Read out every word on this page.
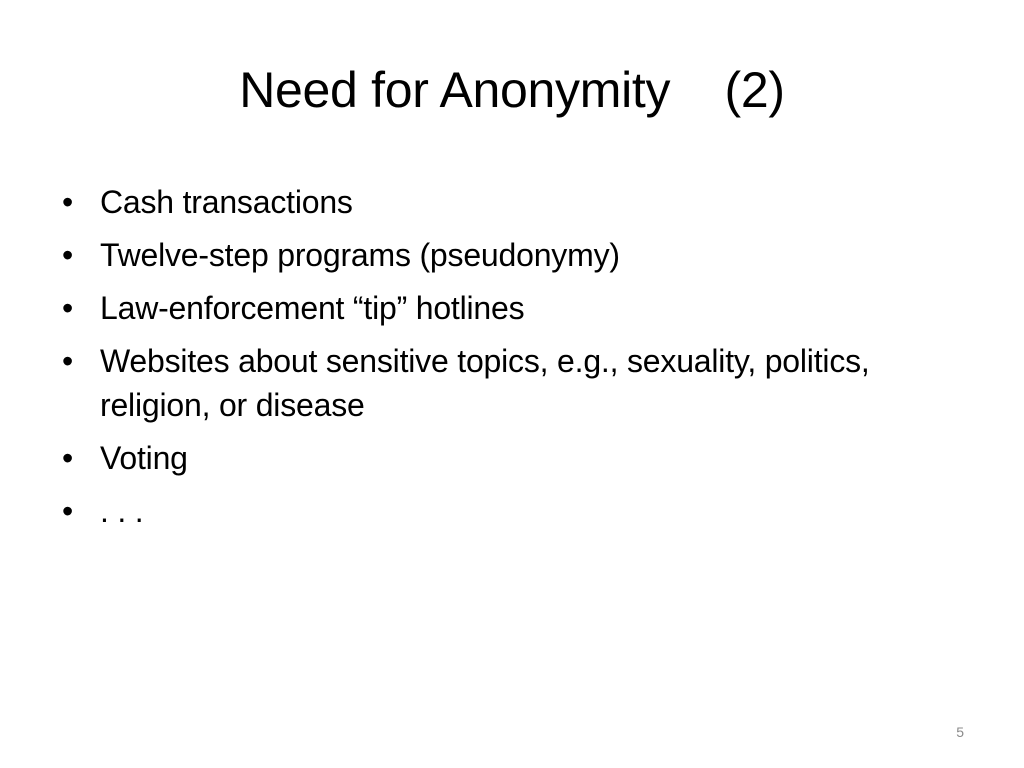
Need for Anonymity    (2)
• Cash transactions
• Twelve-step programs (pseudonymy)
• Law-enforcement “tip” hotlines
• Websites about sensitive topics, e.g., sexuality, politics, religion, or disease
• Voting
• . . .
5
